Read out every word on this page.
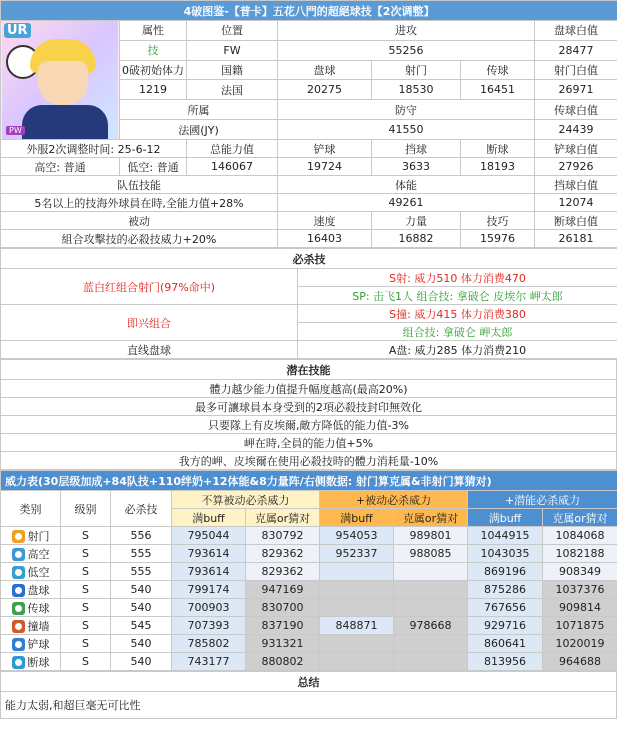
4破图鉴-【普卡】五花八門的超絕球技【2次调整】						

UR
PW	属性	位置	进攻			盘球白值
	技	FW	55256			28477
	0破初始体力	国籍	盘球	射门	传球	射门白值
	1219	法国	20275	18530	16451	26971
	所属		防守			传球白值
	法國(JY)		41550			24439
外服2次调整时间: 25-6-12		总能力值	铲球	挡球	断球	铲球白值
高空: 普通	低空: 普通	146067	19724	3633	18193	27926
队伍技能			体能			挡球白值
5名以上的技海外球員在時,全能力值+28%			49261			12074
被动			速度	力量	技巧	断球白值
組合攻擊技的必殺技威力+20%			16403	16882	15976	26181
必杀技	
蓝白红组合射门(97%命中)	S射: 威力510 体力消费470
	SP: 击飞1人 组合技: 拿破仑 皮埃尔 岬太郎
即兴组合	S撞: 威力415 体力消费380
	组合技: 拿破仑 岬太郎
直线盘球	A盘: 威力285 体力消费210
潜在技能
體力越少能力值提升幅度越高(最高20%)
最多可讓球員本身受到的2項必殺技封印無效化
只要隊上有皮埃爾,敵方降低的能力值-3%
岬在時,全員的能力值+5%
我方的岬、皮埃爾在使用必殺技時的體力消耗量-10%
威力表(30层级加成+84队技+110绊奶+12体能&8力量阵/右侧数据: 射门算克属&非射门算猜对)								
类别	级别	必杀技	不算被动必杀威力		+被动必杀威力		+潜能必杀威力	
			满buff	克属or猜对	满buff	克属or猜对	满buff	克属or猜对
射门	S	556	795044	830792	954053	989801	1044915	1084068
高空	S	555	793614	829362	952337	988085	1043035	1082188
低空	S	555	793614	829362			869196	908349
盘球	S	540	799174	947169			875286	1037376
传球	S	540	700903	830700			767656	909814
撞墙	S	545	707393	837190	848871	978668	929716	1071875
铲球	S	540	785802	931321			860641	1020019
断球	S	540	743177	880802			813956	964688
总结
能力太弱,和超巨毫无可比性
